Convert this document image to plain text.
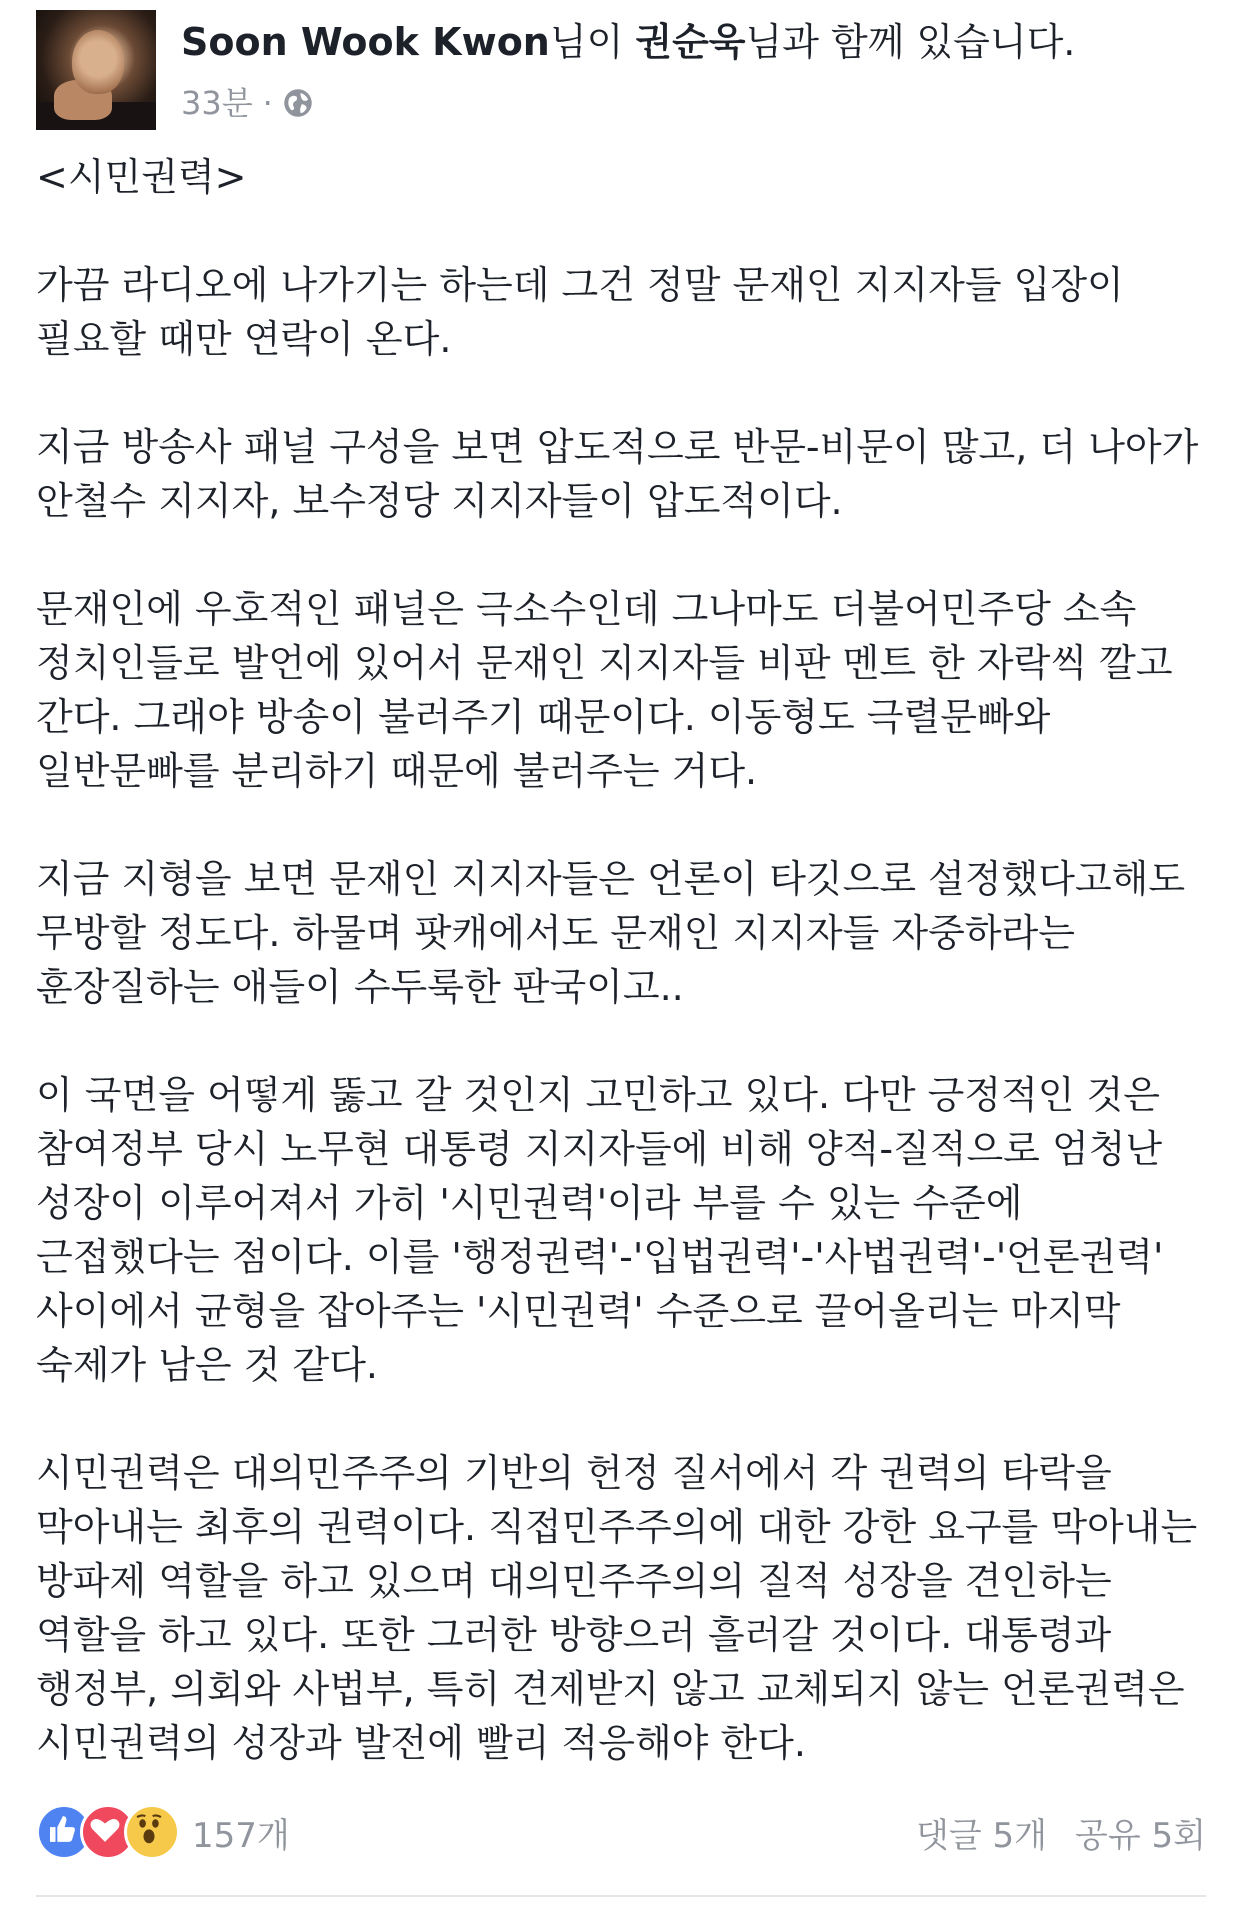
Soon Wook Kwon님이 권순욱님과 함께 있습니다.
33분 ·
<시민권력>

가끔 라디오에 나가기는 하는데 그건 정말 문재인 지지자들 입장이 필요할 때만 연락이 온다.

지금 방송사 패널 구성을 보면 압도적으로 반문-비문이 많고, 더 나아가 안철수 지지자, 보수정당 지지자들이 압도적이다.

문재인에 우호적인 패널은 극소수인데 그나마도 더불어민주당 소속 정치인들로 발언에 있어서 문재인 지지자들 비판 멘트 한 자락씩 깔고 간다. 그래야 방송이 불러주기 때문이다. 이동형도 극렬문빠와 일반문빠를 분리하기 때문에 불러주는 거다.

지금 지형을 보면 문재인 지지자들은 언론이 타깃으로 설정했다고해도 무방할 정도다. 하물며 팟캐에서도 문재인 지지자들 자중하라는 훈장질하는 애들이 수두룩한 판국이고..

이 국면을 어떻게 뚫고 갈 것인지 고민하고 있다. 다만 긍정적인 것은 참여정부 당시 노무현 대통령 지지자들에 비해 양적-질적으로 엄청난 성장이 이루어져서 가히 '시민권력'이라 부를 수 있는 수준에 근접했다는 점이다. 이를 '행정권력'-'입법권력'-'사법권력'-'언론권력' 사이에서 균형을 잡아주는 '시민권력' 수준으로 끌어올리는 마지막 숙제가 남은 것 같다.

시민권력은 대의민주주의 기반의 헌정 질서에서 각 권력의 타락을 막아내는 최후의 권력이다. 직접민주주의에 대한 강한 요구를 막아내는 방파제 역할을 하고 있으며 대의민주주의의 질적 성장을 견인하는 역할을 하고 있다. 또한 그러한 방향으러 흘러갈 것이다. 대통령과 행정부, 의회와 사법부, 특히 견제받지 않고 교체되지 않는 언론권력은 시민권력의 성장과 발전에 빨리 적응해야 한다.
157개	댓글 5개 공유 5회
